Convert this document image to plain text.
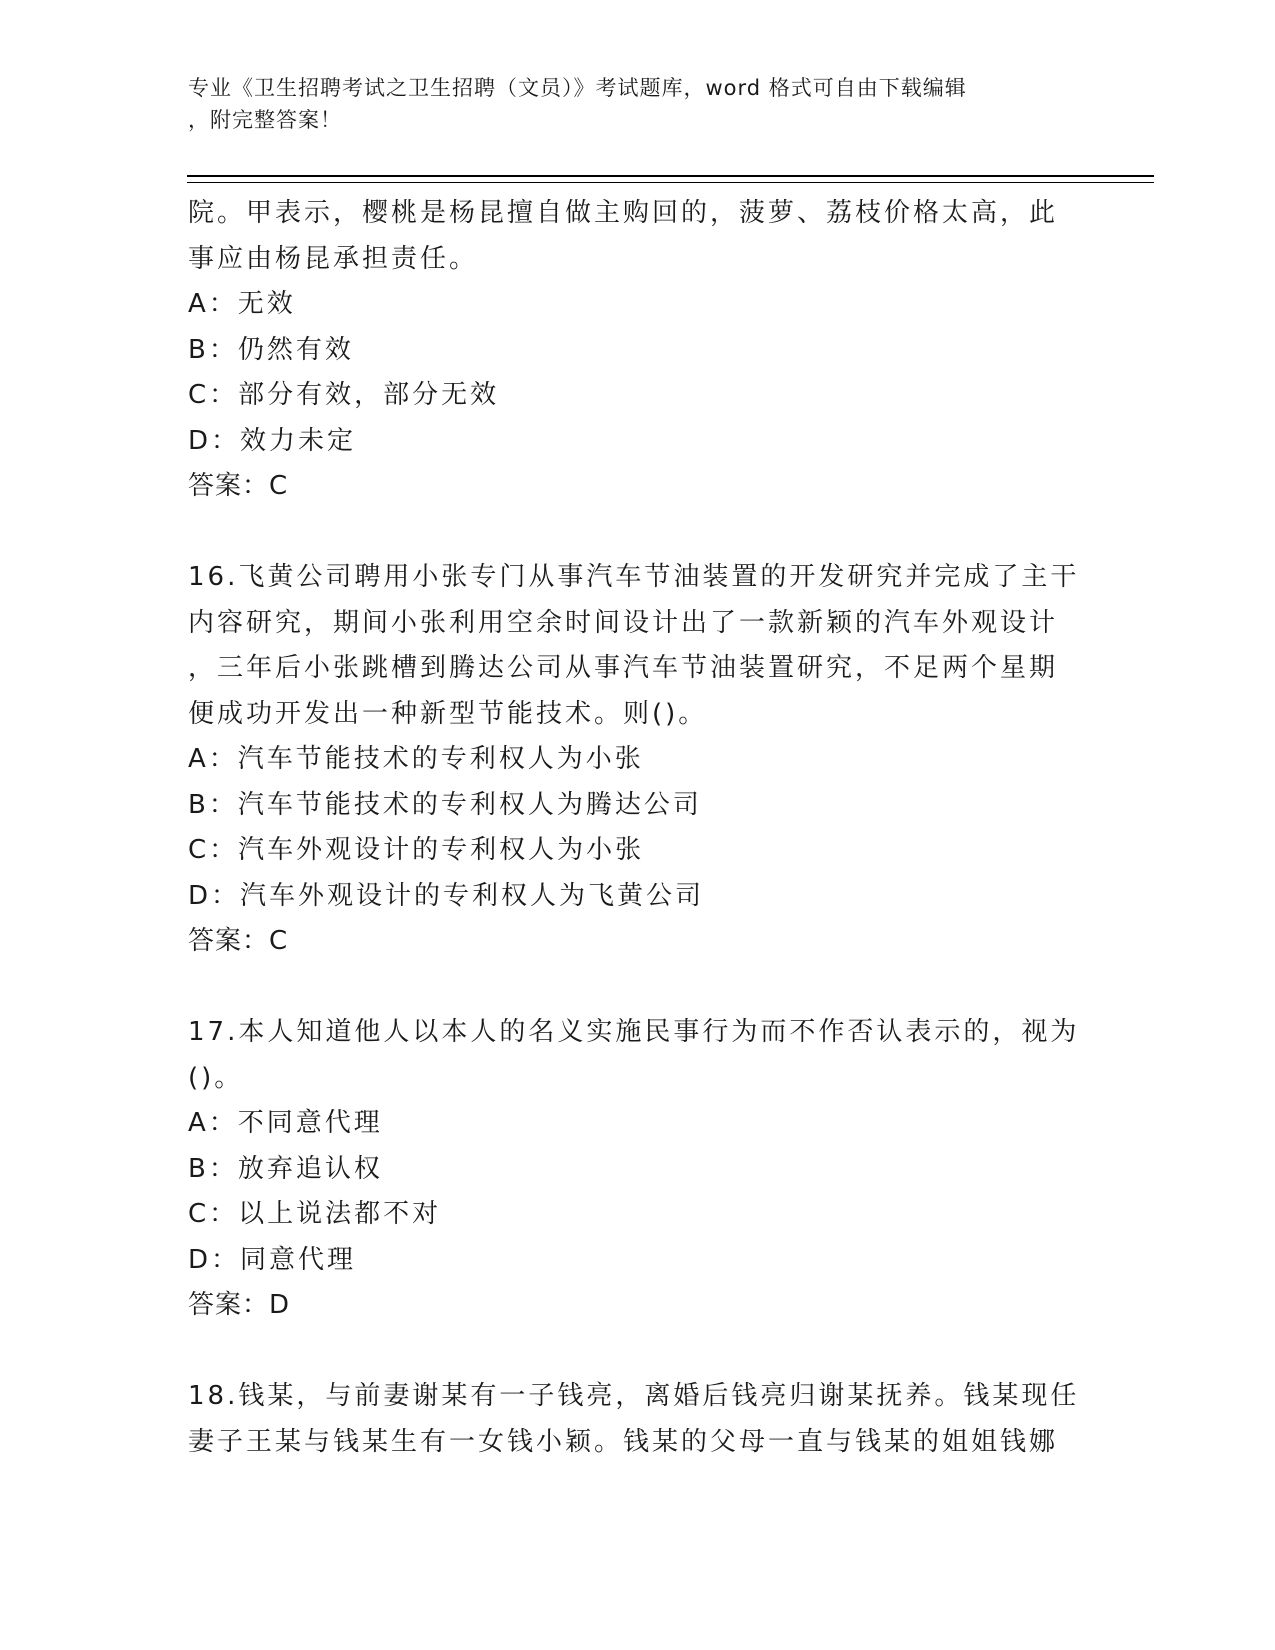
专业《卫生招聘考试之卫生招聘（文员）》考试题库，word 格式可自由下载编辑
，附完整答案！
院。甲表示，樱桃是杨昆擅自做主购回的，菠萝、荔枝价格太高，此
事应由杨昆承担责任。
A：无效
B：仍然有效
C：部分有效，部分无效
D：效力未定
答案：C
16.飞黄公司聘用小张专门从事汽车节油装置的开发研究并完成了主干
内容研究，期间小张利用空余时间设计出了一款新颖的汽车外观设计
，三年后小张跳槽到腾达公司从事汽车节油装置研究，不足两个星期
便成功开发出一种新型节能技术。则()。
A：汽车节能技术的专利权人为小张
B：汽车节能技术的专利权人为腾达公司
C：汽车外观设计的专利权人为小张
D：汽车外观设计的专利权人为飞黄公司
答案：C
17.本人知道他人以本人的名义实施民事行为而不作否认表示的，视为
()。
A：不同意代理
B：放弃追认权
C：以上说法都不对
D：同意代理
答案：D
18.钱某，与前妻谢某有一子钱亮，离婚后钱亮归谢某抚养。钱某现任
妻子王某与钱某生有一女钱小颖。钱某的父母一直与钱某的姐姐钱娜
